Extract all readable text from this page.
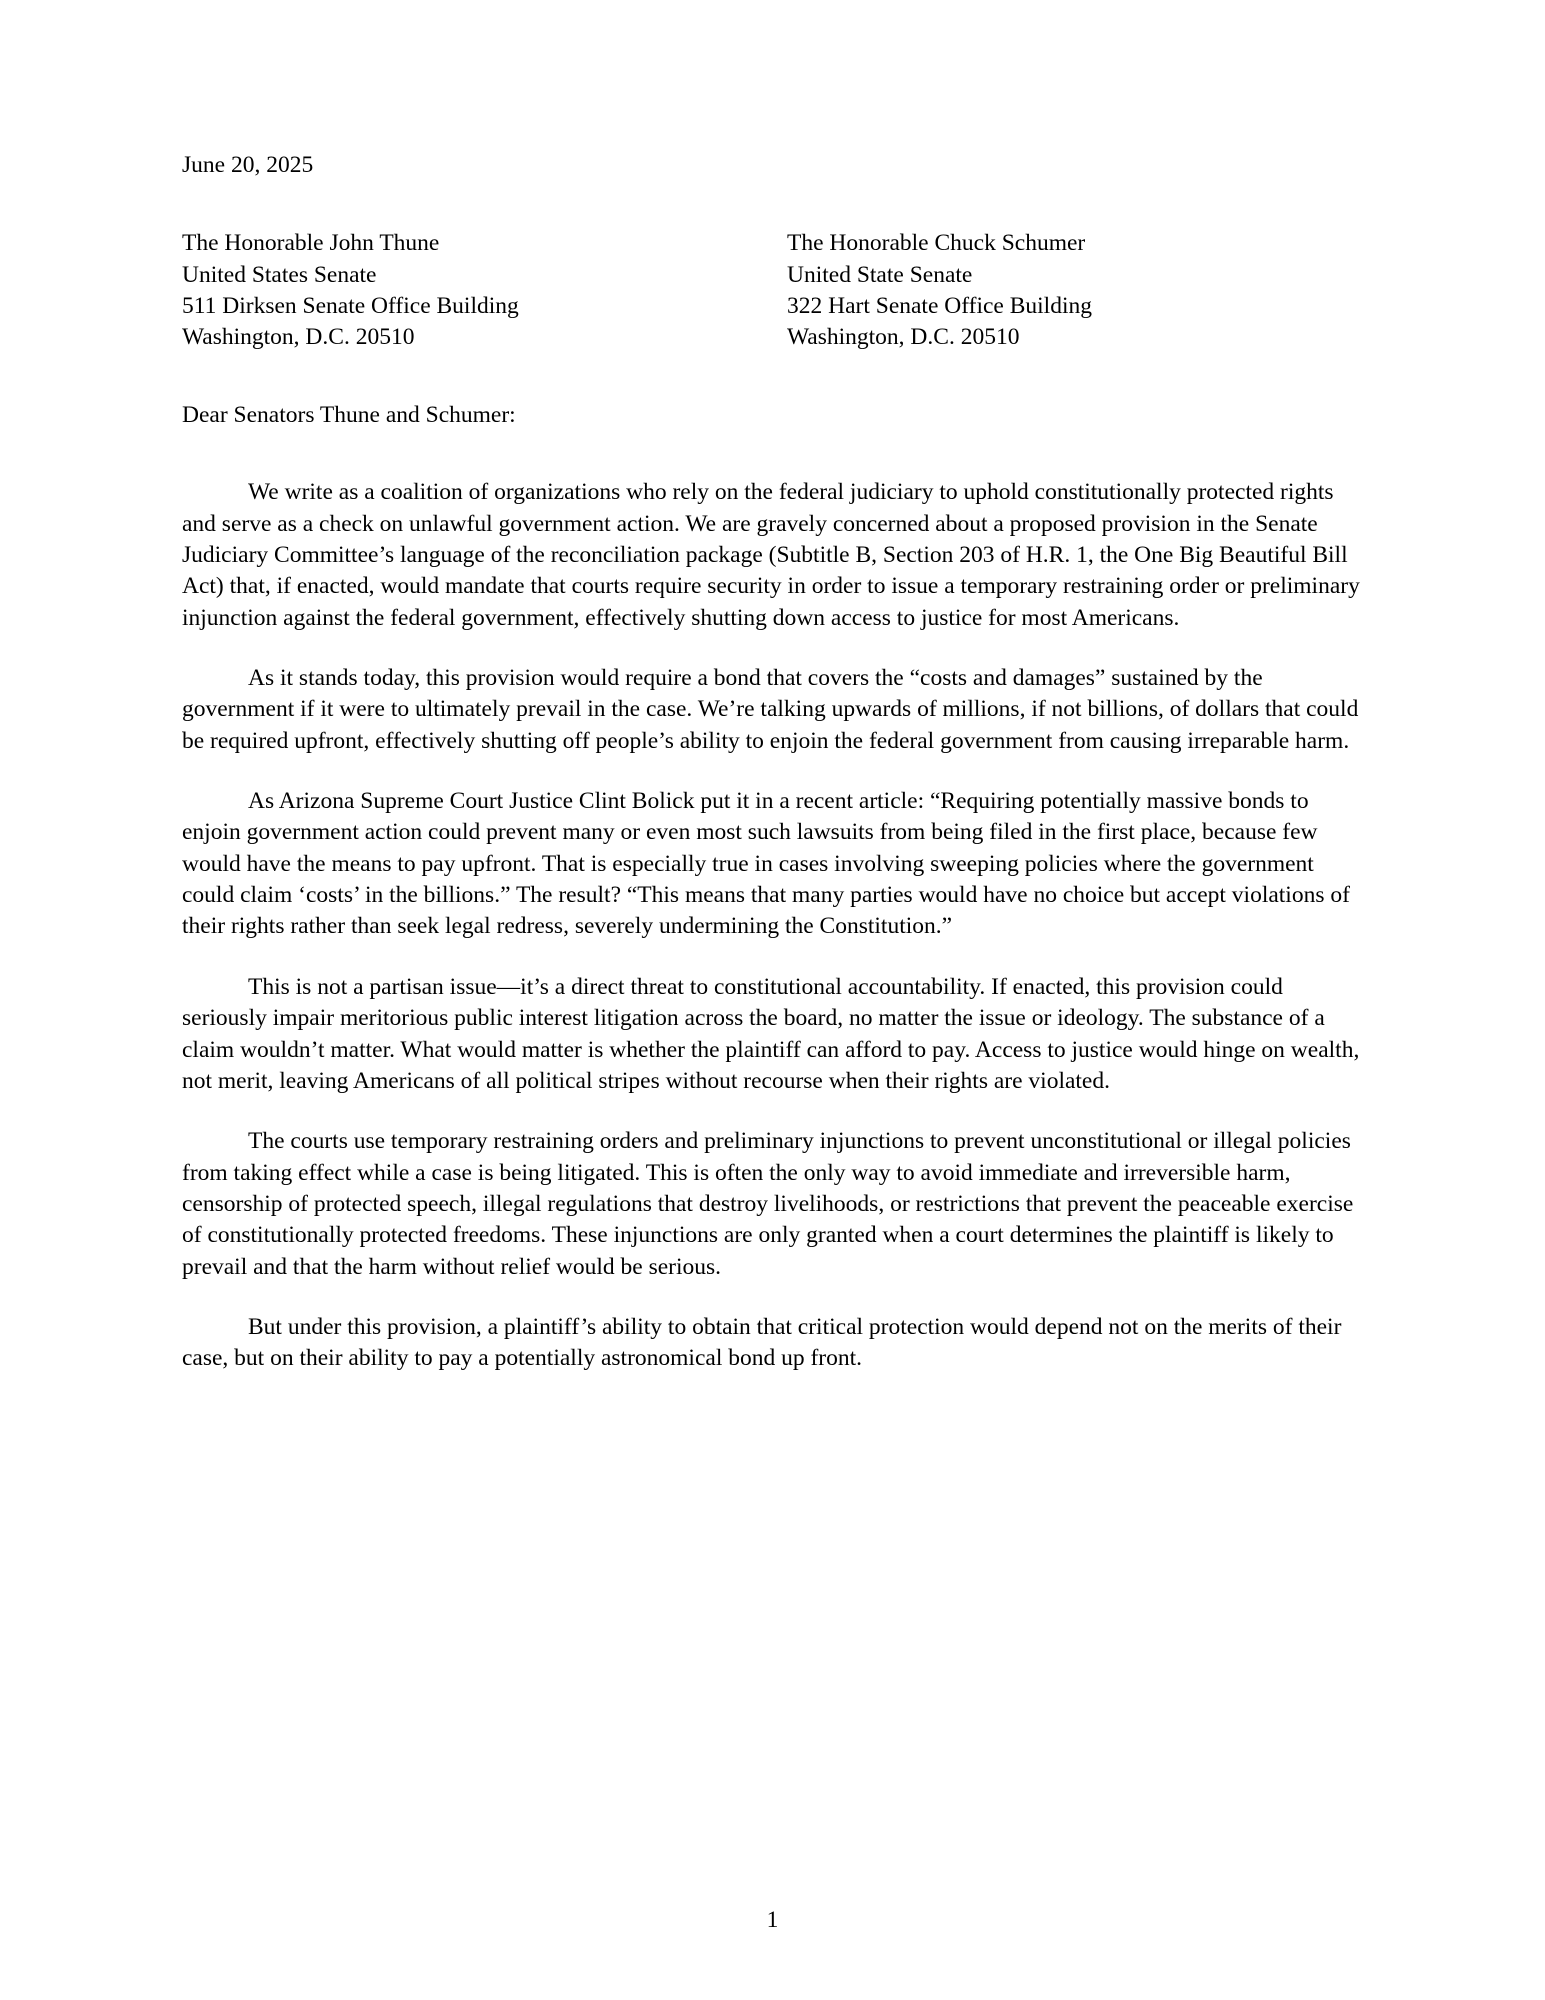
June 20, 2025
The Honorable John Thune
United States Senate
511 Dirksen Senate Office Building
Washington, D.C. 20510
The Honorable Chuck Schumer
United State Senate
322 Hart Senate Office Building
Washington, D.C. 20510
Dear Senators Thune and Schumer:

We write as a coalition of organizations who rely on the federal judiciary to uphold constitutionally protected rights and serve as a check on unlawful government action. We are gravely concerned about a proposed provision in the Senate Judiciary Committee’s language of the reconciliation package (Subtitle B, Section 203 of H.R. 1, the One Big Beautiful Bill Act) that, if enacted, would mandate that courts require security in order to issue a temporary restraining order or preliminary injunction against the federal government, effectively shutting down access to justice for most Americans.

As it stands today, this provision would require a bond that covers the “costs and damages” sustained by the government if it were to ultimately prevail in the case. We’re talking upwards of millions, if not billions, of dollars that could be required upfront, effectively shutting off people’s ability to enjoin the federal government from causing irreparable harm.

As Arizona Supreme Court Justice Clint Bolick put it in a recent article: “Requiring potentially massive bonds to enjoin government action could prevent many or even most such lawsuits from being filed in the first place, because few would have the means to pay upfront. That is especially true in cases involving sweeping policies where the government could claim ‘costs’ in the billions.” The result? “This means that many parties would have no choice but accept violations of their rights rather than seek legal redress, severely undermining the Constitution.”

This is not a partisan issue—it’s a direct threat to constitutional accountability. If enacted, this provision could seriously impair meritorious public interest litigation across the board, no matter the issue or ideology. The substance of a claim wouldn’t matter. What would matter is whether the plaintiff can afford to pay. Access to justice would hinge on wealth, not merit, leaving Americans of all political stripes without recourse when their rights are violated.

The courts use temporary restraining orders and preliminary injunctions to prevent unconstitutional or illegal policies from taking effect while a case is being litigated. This is often the only way to avoid immediate and irreversible harm, censorship of protected speech, illegal regulations that destroy livelihoods, or restrictions that prevent the peaceable exercise of constitutionally protected freedoms. These injunctions are only granted when a court determines the plaintiff is likely to prevail and that the harm without relief would be serious.

But under this provision, a plaintiff’s ability to obtain that critical protection would depend not on the merits of their case, but on their ability to pay a potentially astronomical bond up front.

1
